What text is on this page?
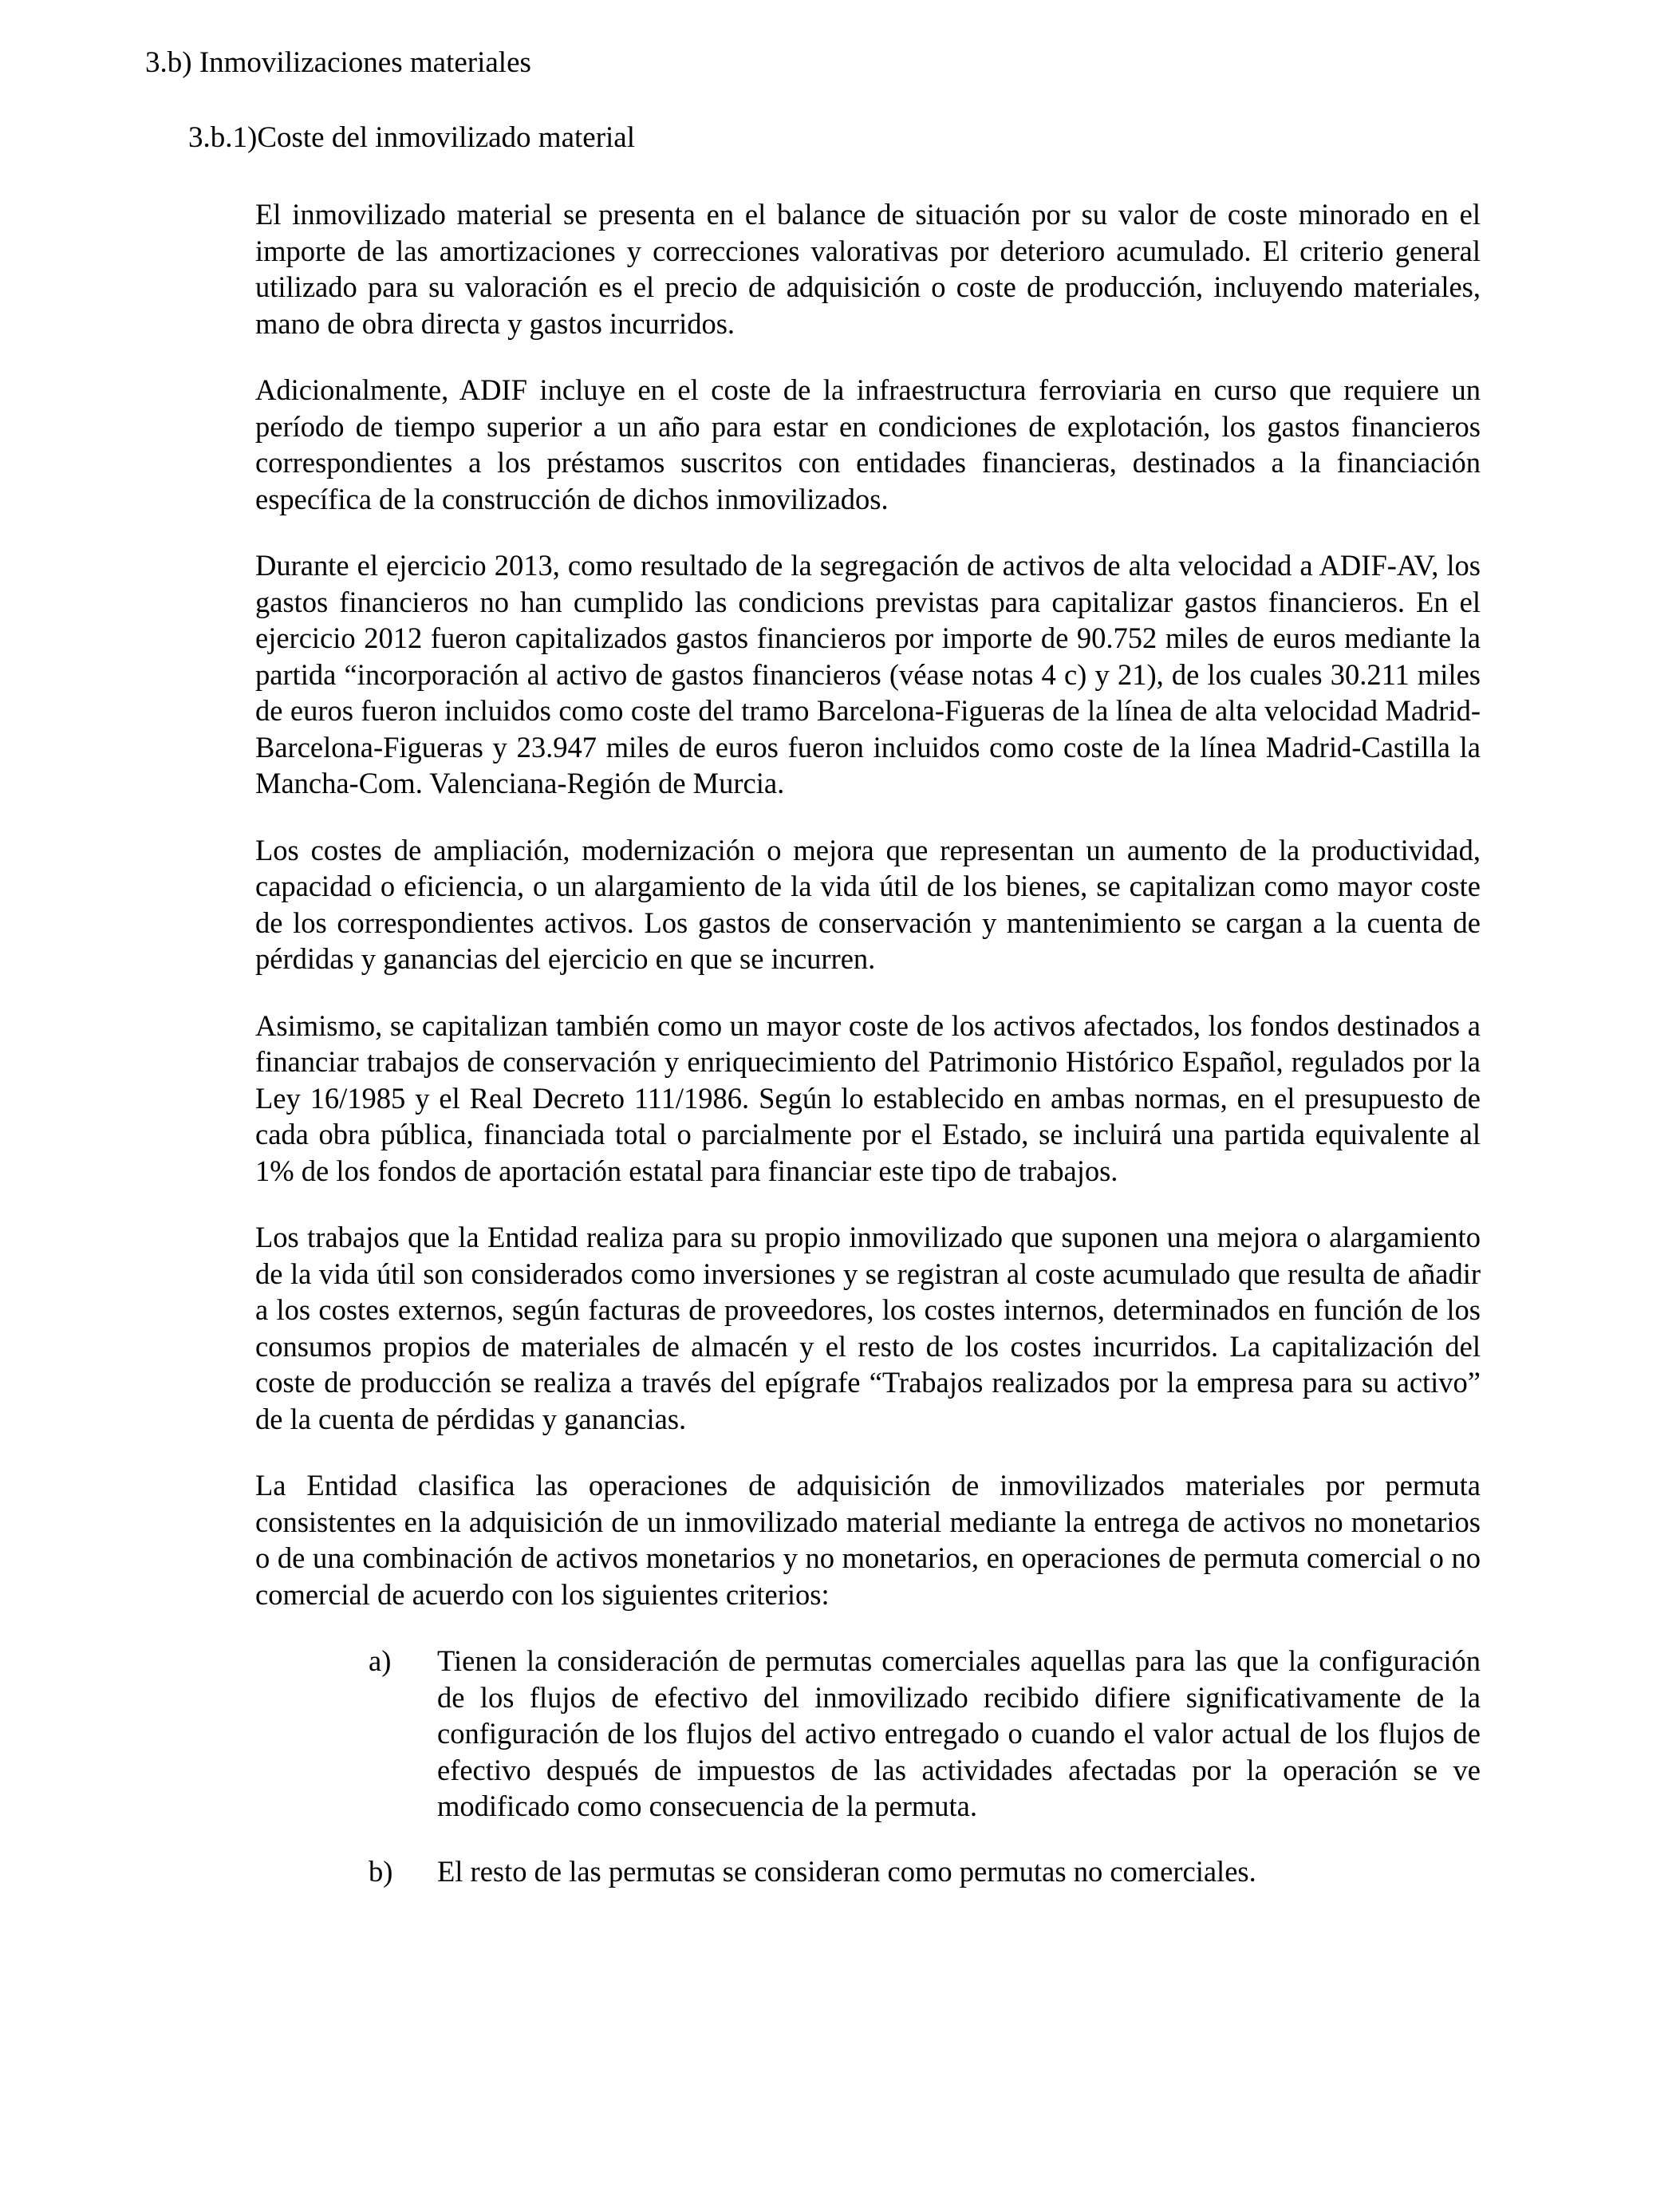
3.b) Inmovilizaciones materiales
3.b.1)Coste del inmovilizado material

El inmovilizado material se presenta en el balance de situación por su valor de coste minorado en el importe de las amortizaciones y correcciones valorativas por deterioro acumulado. El criterio general utilizado para su valoración es el precio de adquisición o coste de producción, incluyendo materiales, mano de obra directa y gastos incurridos.

Adicionalmente, ADIF incluye en el coste de la infraestructura ferroviaria en curso que requiere un período de tiempo superior a un año para estar en condiciones de explotación, los gastos financieros correspondientes a los préstamos suscritos con entidades financieras, destinados a la financiación específica de la construcción de dichos inmovilizados.

Durante el ejercicio 2013, como resultado de la segregación de activos de alta velocidad a ADIF-AV, los gastos financieros no han cumplido las condicions previstas para capitalizar gastos financieros. En el ejercicio 2012 fueron capitalizados gastos financieros por importe de 90.752 miles de euros mediante la partida “incorporación al activo de gastos financieros (véase notas 4 c) y 21), de los cuales 30.211 miles de euros fueron incluidos como coste del tramo Barcelona-Figueras de la línea de alta velocidad Madrid-Barcelona-Figueras y 23.947 miles de euros fueron incluidos como coste de la línea Madrid-Castilla la Mancha-Com. Valenciana-Región de Murcia.

Los costes de ampliación, modernización o mejora que representan un aumento de la productividad, capacidad o eficiencia, o un alargamiento de la vida útil de los bienes, se capitalizan como mayor coste de los correspondientes activos. Los gastos de conservación y mantenimiento se cargan a la cuenta de pérdidas y ganancias del ejercicio en que se incurren.

Asimismo, se capitalizan también como un mayor coste de los activos afectados, los fondos destinados a financiar trabajos de conservación y enriquecimiento del Patrimonio Histórico Español, regulados por la Ley 16/1985 y el Real Decreto 111/1986. Según lo establecido en ambas normas, en el presupuesto de cada obra pública, financiada total o parcialmente por el Estado, se incluirá una partida equivalente al 1% de los fondos de aportación estatal para financiar este tipo de trabajos.

Los trabajos que la Entidad realiza para su propio inmovilizado que suponen una mejora o alargamiento de la vida útil son considerados como inversiones y se registran al coste acumulado que resulta de añadir a los costes externos, según facturas de proveedores, los costes internos, determinados en función de los consumos propios de materiales de almacén y el resto de los costes incurridos. La capitalización del coste de producción se realiza a través del epígrafe “Trabajos realizados por la empresa para su activo” de la cuenta de pérdidas y ganancias.

La Entidad clasifica las operaciones de adquisición de inmovilizados materiales por permuta consistentes en la adquisición de un inmovilizado material mediante la entrega de activos no monetarios o de una combinación de activos monetarios y no monetarios, en operaciones de permuta comercial o no comercial de acuerdo con los siguientes criterios:

a) Tienen la consideración de permutas comerciales aquellas para las que la configuración de los flujos de efectivo del inmovilizado recibido difiere significativamente de la configuración de los flujos del activo entregado o cuando el valor actual de los flujos de efectivo después de impuestos de las actividades afectadas por la operación se ve modificado como consecuencia de la permuta.
b) El resto de las permutas se consideran como permutas no comerciales.
